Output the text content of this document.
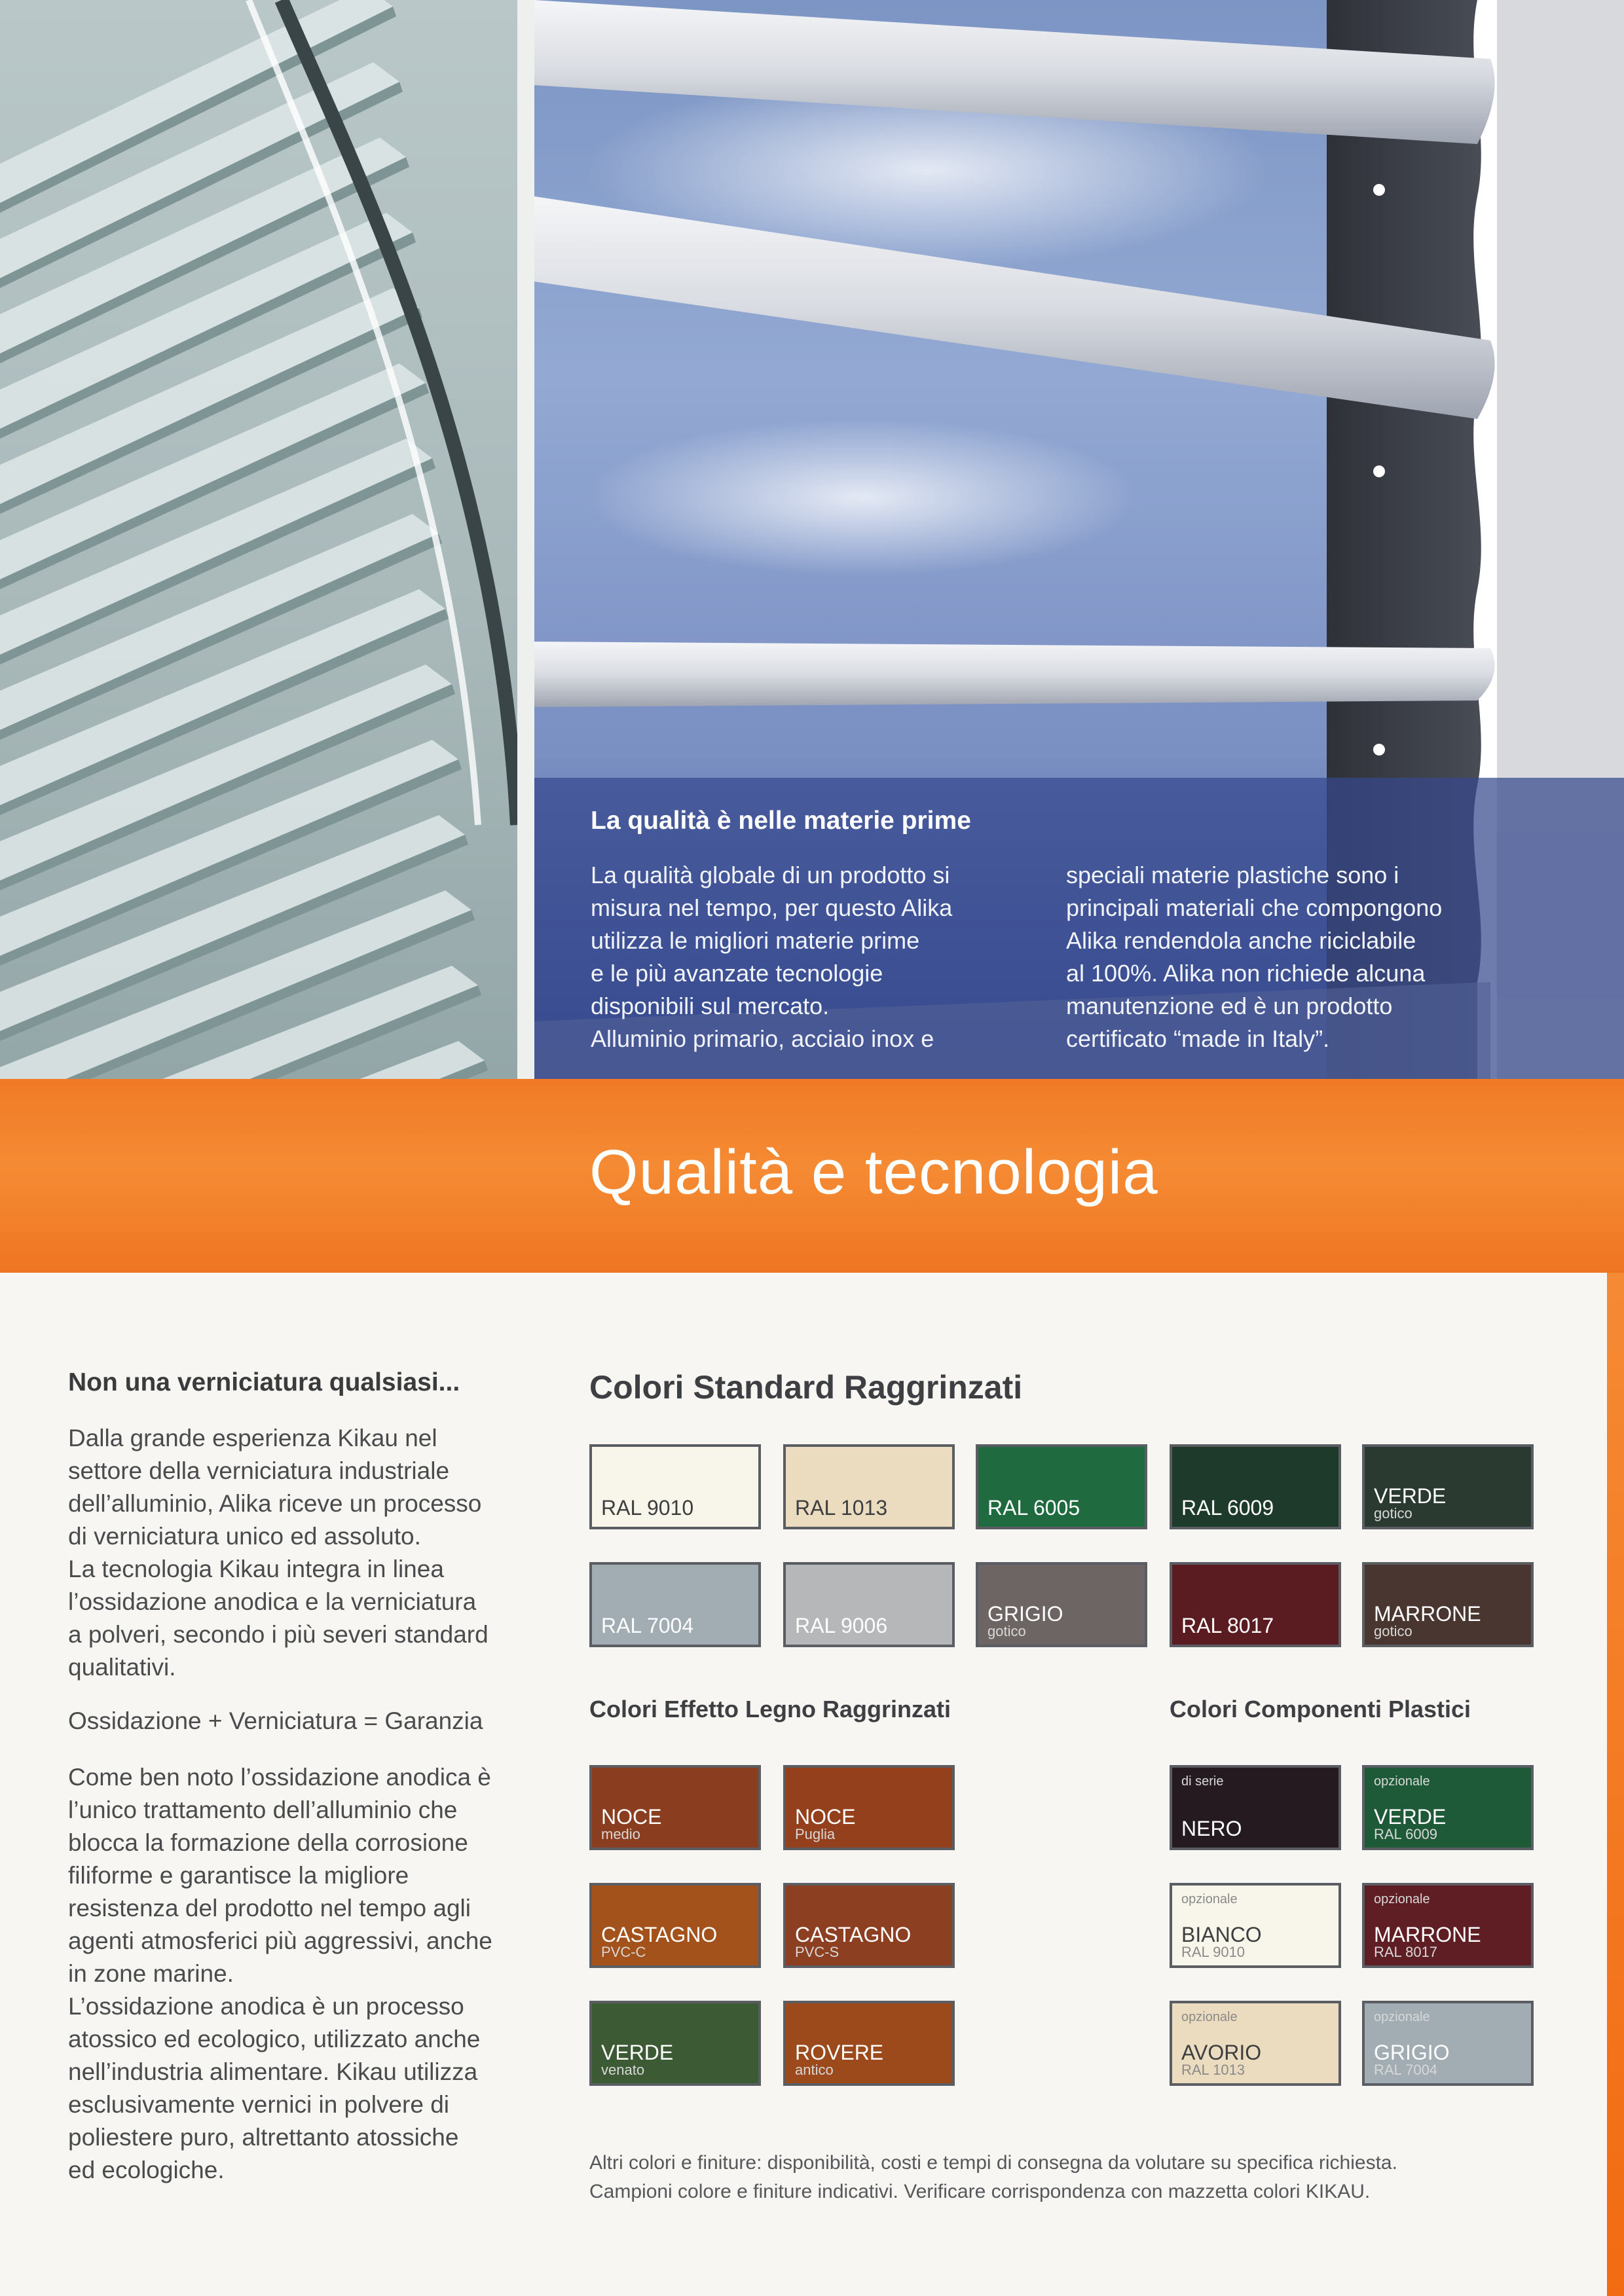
La qualità è nelle materie prime
La qualità globale di un prodotto si
misura nel tempo, per questo Alika
utilizza le migliori materie prime
e le più avanzate tecnologie
disponibili sul mercato.
Alluminio primario, acciaio inox e
speciali materie plastiche sono i
principali materiali che compongono
Alika rendendola anche riciclabile
al 100%. Alika non richiede alcuna
manutenzione ed è un prodotto
certificato “made in Italy”.
Qualità e tecnologia
Non una verniciatura qualsiasi...
Dalla grande esperienza Kikau nel
settore della verniciatura industriale
dell’alluminio, Alika riceve un processo
di verniciatura unico ed assoluto.
La tecnologia Kikau integra in linea
l’ossidazione anodica e la verniciatura
a polveri, secondo i più severi standard
qualitativi.
Ossidazione + Verniciatura = Garanzia
Come ben noto l’ossidazione anodica è
l’unico trattamento dell’alluminio che
blocca la formazione della corrosione
filiforme e garantisce la migliore
resistenza del prodotto nel tempo agli
agenti atmosferici più aggressivi, anche
in zone marine.
L’ossidazione anodica è un processo
atossico ed ecologico, utilizzato anche
nell’industria alimentare. Kikau utilizza
esclusivamente vernici in polvere di
poliestere puro, altrettanto atossiche
ed ecologiche.
Colori Standard Raggrinzati
Colori Effetto Legno Raggrinzati	Colori Componenti Plastici
RAL 9010	RAL 1013	RAL 6005	RAL 6009	VERDE
gotico
RAL 7004	RAL 9006	GRIGIO
gotico	RAL 8017	MARRONE
gotico
NOCE
medio
NOCE
Puglia
CASTAGNO
PVC-C
CASTAGNO
PVC-S
VERDE
venato
ROVERE
antico
di serie
NERO
opzionale
VERDE
RAL 6009
opzionale
BIANCO
RAL 9010
opzionale
MARRONE
RAL 8017
opzionale
AVORIO
RAL 1013
opzionale
GRIGIO
RAL 7004
Altri colori e finiture: disponibilità, costi e tempi di consegna da volutare su specifica richiesta.
Campioni colore e finiture indicativi. Verificare corrispondenza con mazzetta colori KIKAU.
